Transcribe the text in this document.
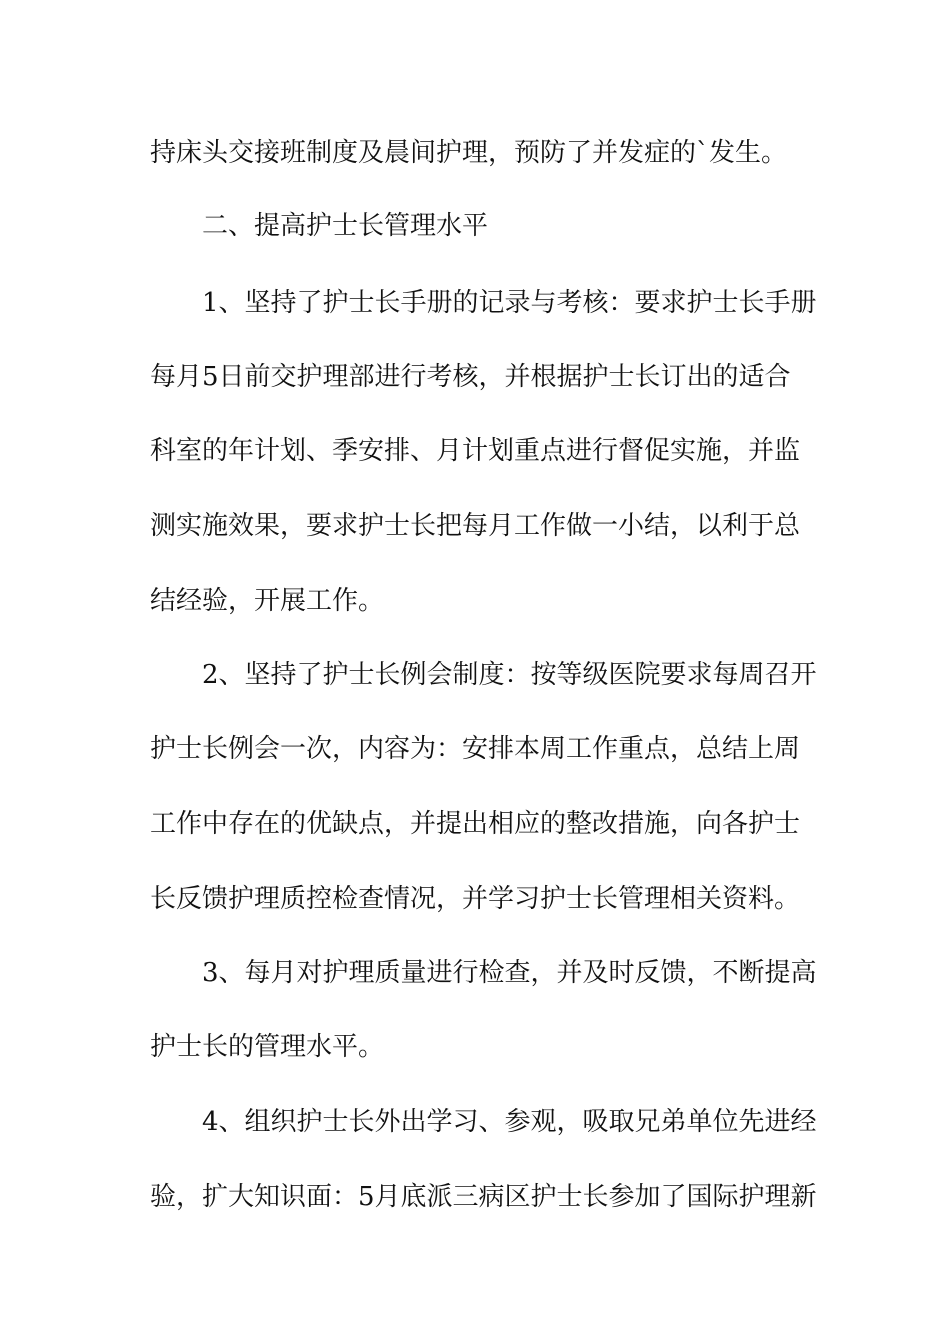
持床头交接班制度及晨间护理，预防了并发症的`发生。
二、提高护士长管理水平
1、坚持了护士长手册的记录与考核：要求护士长手册
每月5日前交护理部进行考核，并根据护士长订出的适合
科室的年计划、季安排、月计划重点进行督促实施，并监
测实施效果，要求护士长把每月工作做一小结，以利于总
结经验，开展工作。
2、坚持了护士长例会制度：按等级医院要求每周召开
护士长例会一次，内容为：安排本周工作重点，总结上周
工作中存在的优缺点，并提出相应的整改措施，向各护士
长反馈护理质控检查情况，并学习护士长管理相关资料。
3、每月对护理质量进行检查，并及时反馈，不断提高
护士长的管理水平。
4、组织护士长外出学习、参观，吸取兄弟单位先进经
验，扩大知识面：5月底派三病区护士长参加了国际护理新
